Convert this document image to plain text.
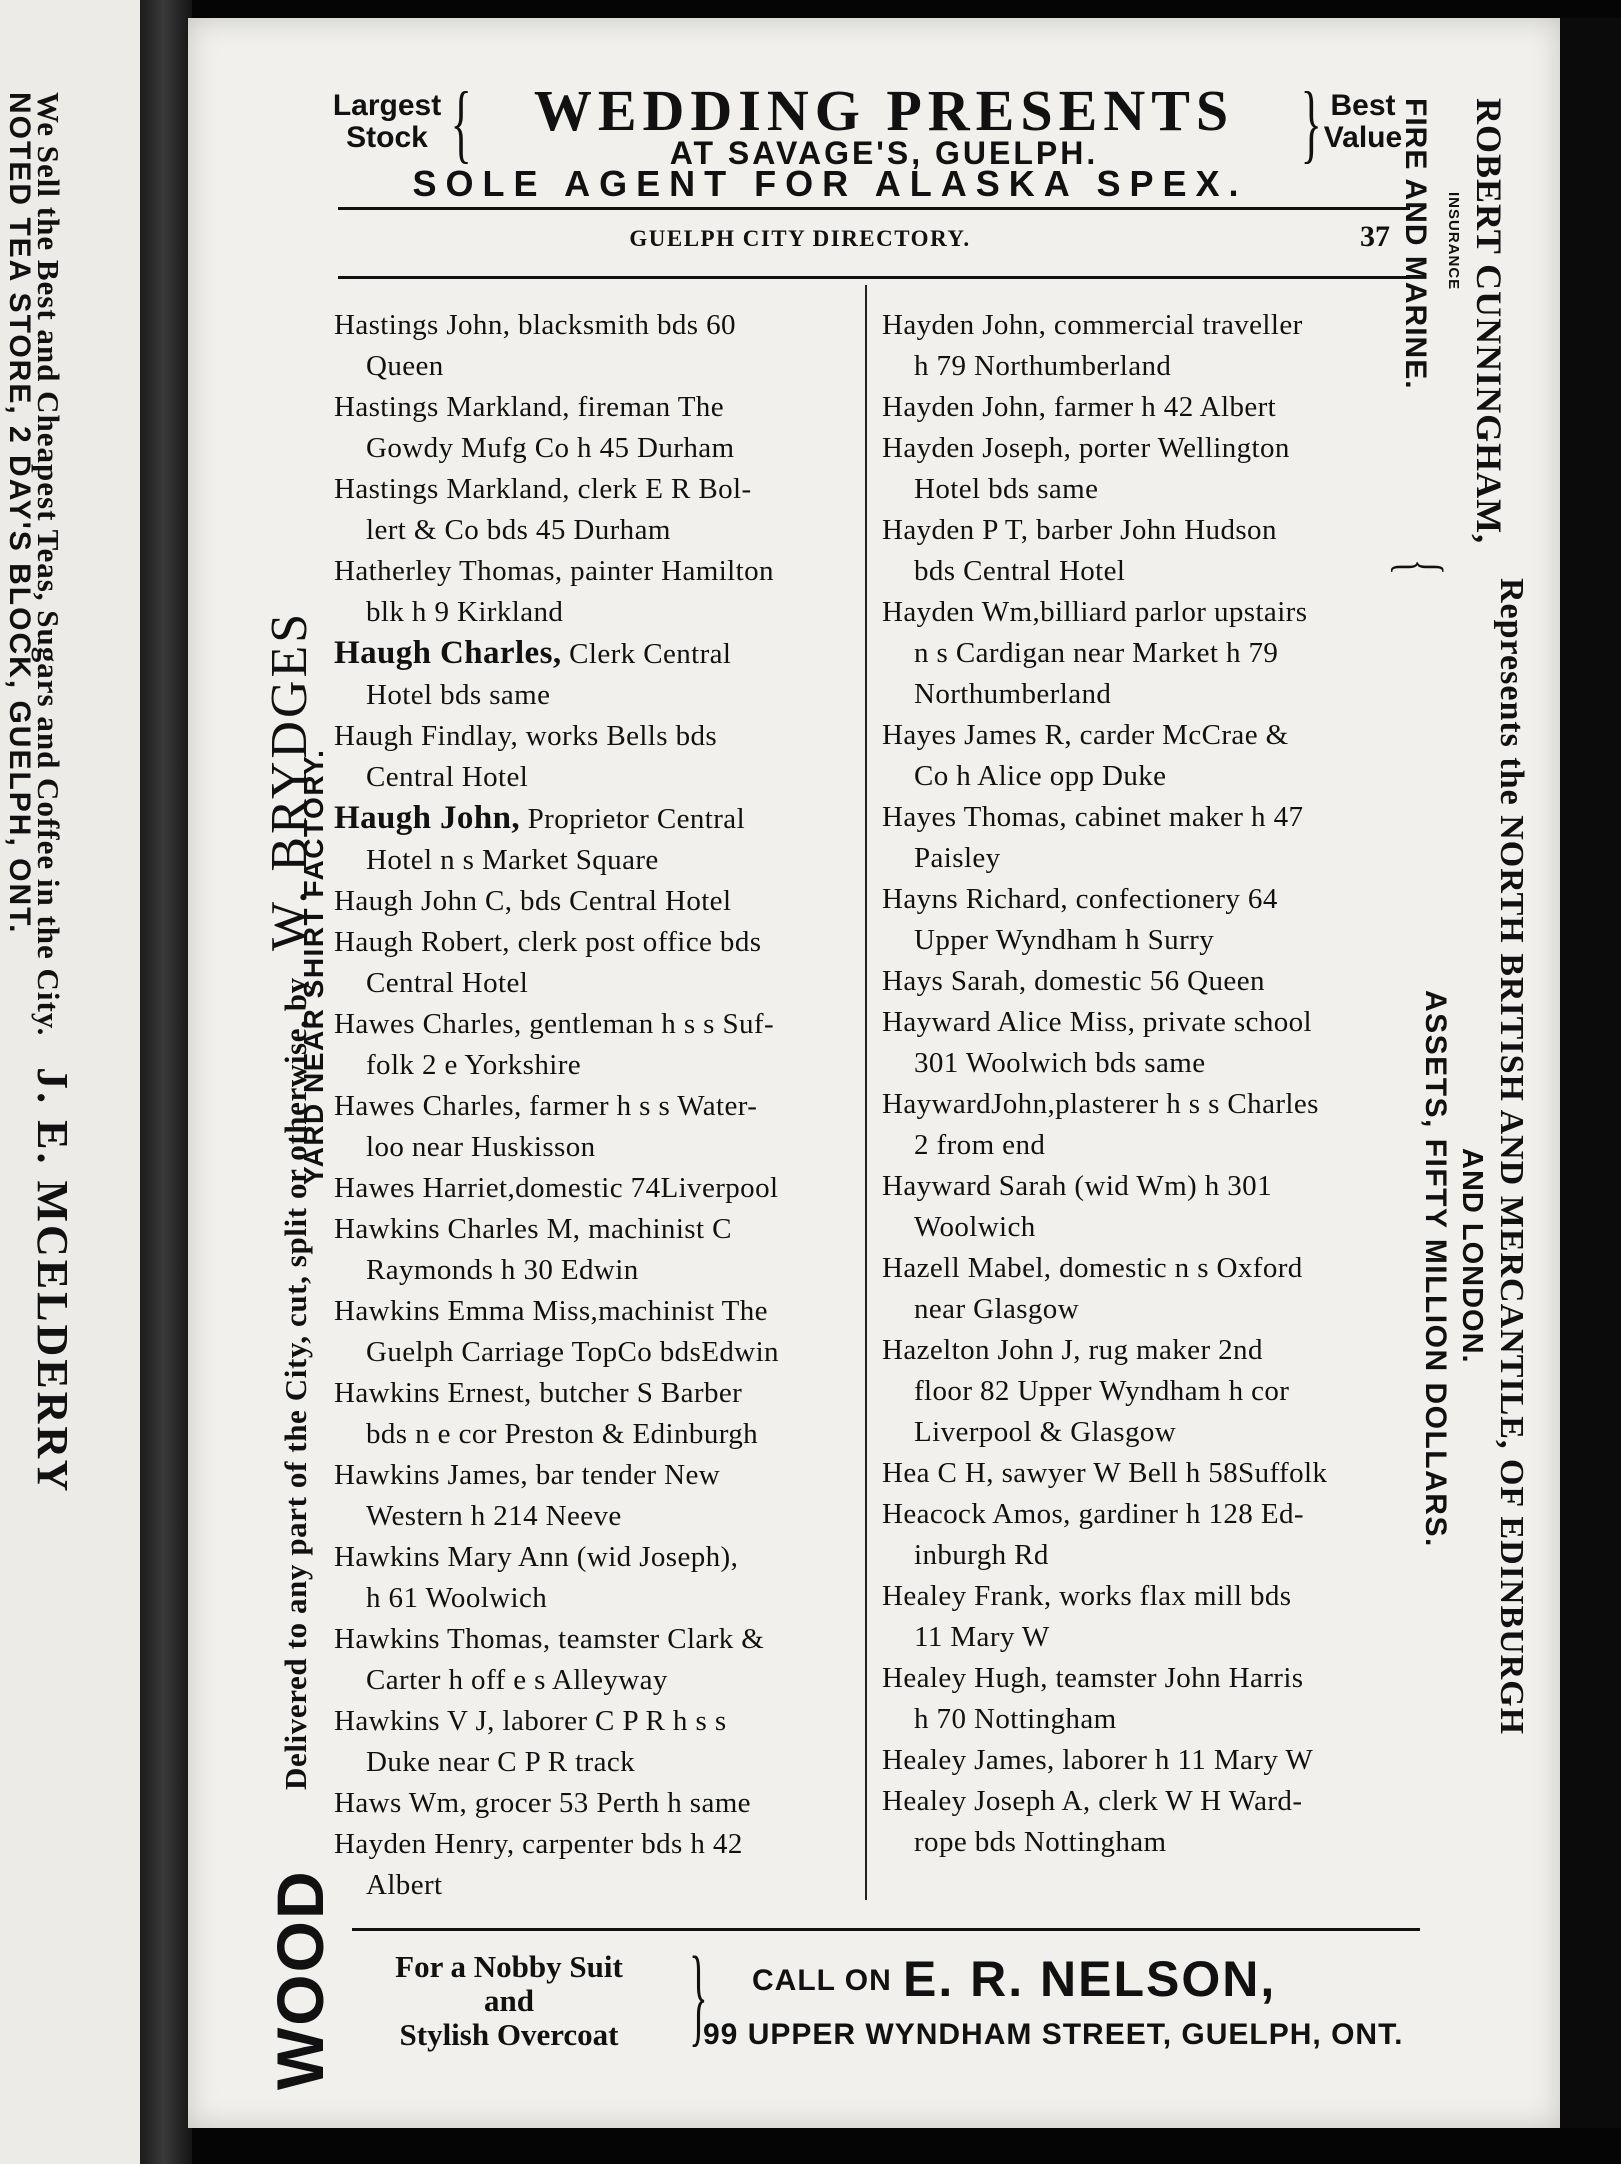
We Sell the Best and Cheapest Teas, Sugars and Coffee in the City. J. E. MCELDERRY
NOTED TEA STORE, 2 DAY'S BLOCK, GUELPH, ONT.
WOOD
Delivered to any part of the City, cut, split or otherwise, by W. BRYDGES
YARD NEAR SHIRT FACTORY.
Largest
Stock {	WEDDING PRESENTS
AT SAVAGE'S, GUELPH.	} Best
Value
SOLE AGENT FOR ALASKA SPEX.
GUELPH CITY DIRECTORY.	37 ROBERT CUNNINGHAM,
INSURANCE
FIRE AND MARINE.
{
Represents the NORTH BRITISH AND MERCANTILE, OF EDINBURGH
AND LONDON.
ASSETS, FIFTY MILLION DOLLARS.
Hastings John, blacksmith bds 60
Queen
Hastings Markland, fireman The
Gowdy Mufg Co h 45 Durham
Hastings Markland, clerk E R Bol-
lert & Co bds 45 Durham
Hatherley Thomas, painter Hamilton
blk h 9 Kirkland
Haugh Charles, Clerk Central
Hotel bds same
Haugh Findlay, works Bells bds
Central Hotel
Haugh John, Proprietor Central
Hotel n s Market Square
Haugh John C, bds Central Hotel
Haugh Robert, clerk post office bds
Central Hotel
Hawes Charles, gentleman h s s Suf-
folk 2 e Yorkshire
Hawes Charles, farmer h s s Water-
loo near Huskisson
Hawes Harriet,domestic 74Liverpool
Hawkins Charles M, machinist C
Raymonds h 30 Edwin
Hawkins Emma Miss,machinist The
Guelph Carriage TopCo bdsEdwin
Hawkins Ernest, butcher S Barber
bds n e cor Preston & Edinburgh
Hawkins James, bar tender New
Western h 214 Neeve
Hawkins Mary Ann (wid Joseph),
h 61 Woolwich
Hawkins Thomas, teamster Clark &
Carter h off e s Alleyway
Hawkins V J, laborer C P R h s s
Duke near C P R track
Haws Wm, grocer 53 Perth h same
Hayden Henry, carpenter bds h 42
Albert
Hayden John, commercial traveller
h 79 Northumberland
Hayden John, farmer h 42 Albert
Hayden Joseph, porter Wellington
Hotel bds same
Hayden P T, barber John Hudson
bds Central Hotel
Hayden Wm,billiard parlor upstairs
n s Cardigan near Market h 79
Northumberland
Hayes James R, carder McCrae &
Co h Alice opp Duke
Hayes Thomas, cabinet maker h 47
Paisley
Hayns Richard, confectionery 64
Upper Wyndham h Surry
Hays Sarah, domestic 56 Queen
Hayward Alice Miss, private school
301 Woolwich bds same
HaywardJohn,plasterer h s s Charles
2 from end
Hayward Sarah (wid Wm) h 301
Woolwich
Hazell Mabel, domestic n s Oxford
near Glasgow
Hazelton John J, rug maker 2nd
floor 82 Upper Wyndham h cor
Liverpool & Glasgow
Hea C H, sawyer W Bell h 58Suffolk
Heacock Amos, gardiner h 128 Ed-
inburgh Rd
Healey Frank, works flax mill bds
11 Mary W
Healey Hugh, teamster John Harris
h 70 Nottingham
Healey James, laborer h 11 Mary W
Healey Joseph A, clerk W H Ward-
rope bds Nottingham
For a Nobby Suit
and
Stylish Overcoat } CALL ON E. R. NELSON,
99 UPPER WYNDHAM STREET, GUELPH, ONT.
